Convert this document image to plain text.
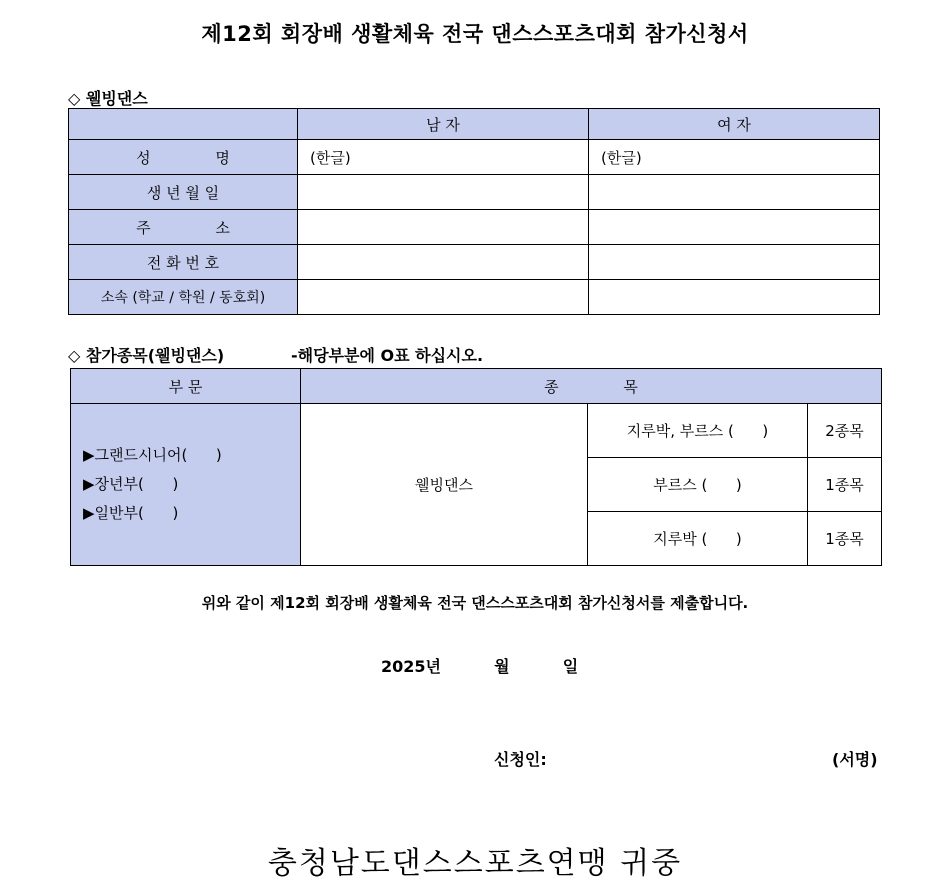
제12회 회장배 생활체육 전국 댄스스포츠대회 참가신청서
◇ 웰빙댄스
	남 자	여 자
성 명	(한글)	(한글)
생 년 월 일		
주 소		
전 화 번 호		
소속 (학교 / 학원 / 동호회)		
◇ 참가종목(웰빙댄스)	-해당부분에 O표 하십시오.
부 문	종 목		

▶그랜드시니어(      )
▶장년부(      )
▶일반부(      )	웰빙댄스	지루박, 부르스 (      )	2종목
		부르스 (      )	1종목
		지루박 (      )	1종목
위와 같이 제12회 회장배 생활체육 전국 댄스스포츠대회 참가신청서를 제출합니다.
2025년	월	일
신청인:	(서명)
충청남도댄스스포츠연맹 귀중
